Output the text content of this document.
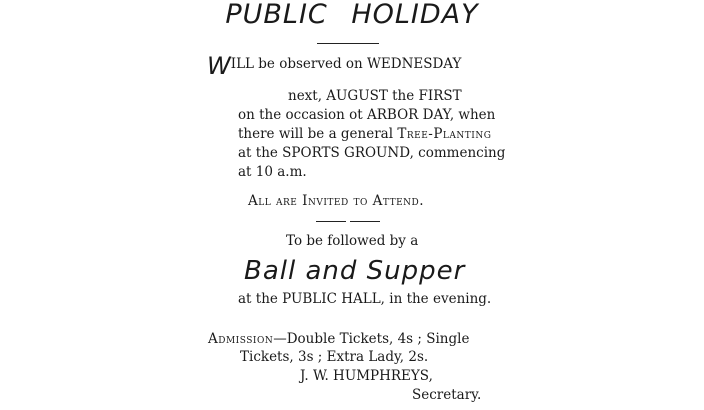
PUBLIC HOLIDAY
WILL be observed on WEDNESDAY
next, AUGUST the FIRST
on the occasion ot ARBOR DAY, when
there will be a general Tree-Planting
at the SPORTS GROUND, commencing
at 10 a.m.
All are Invited to Attend.
To be followed by a
Ball and Supper
at the PUBLIC HALL, in the evening.
Admission—Double Tickets, 4s ; Single
Tickets, 3s ; Extra Lady, 2s.
J. W. HUMPHREYS,
Secretary.
